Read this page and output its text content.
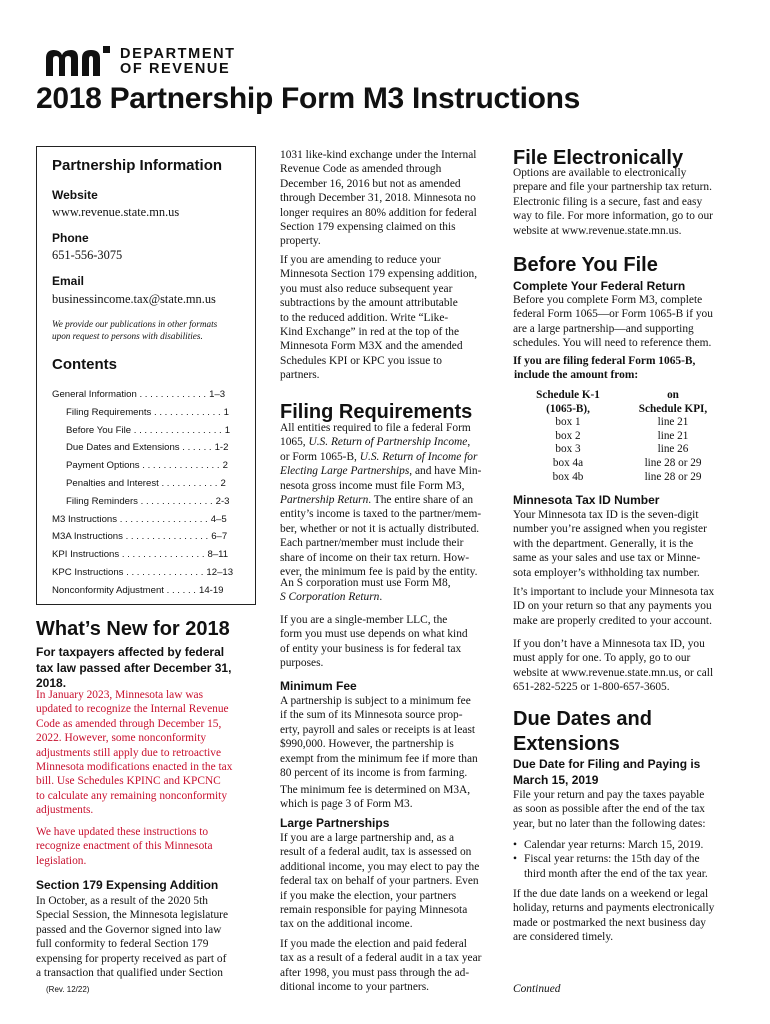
DEPARTMENT
OF REVENUE
2018 Partnership Form M3 Instructions
Partnership Information
Website
www.revenue.state.mn.us
Phone
651-556-3075
Email
businessincome.tax@state.mn.us
We provide our publications in other formats
upon request to persons with disabilities.
Contents
General Information . . . . . . . . . . . . . 1–3
Filing Requirements . . . . . . . . . . . . . 1
Before You File . . . . . . . . . . . . . . . . . 1
Due Dates and Extensions . . . . . . 1-2
Payment Options . . . . . . . . . . . . . . . 2
Penalties and Interest . . . . . . . . . . . 2
Filing Reminders . . . . . . . . . . . . . . 2-3
M3 Instructions . . . . . . . . . . . . . . . . . 4–5
M3A Instructions . . . . . . . . . . . . . . . . 6–7
KPI Instructions . . . . . . . . . . . . . . . . 8–11
KPC Instructions . . . . . . . . . . . . . . . 12–13
Nonconformity Adjustment . . . . . . 14-19
What’s New for 2018
For taxpayers affected by federal
tax law passed after December 31,
2018.
In January 2023, Minnesota law was
updated to recognize the Internal Revenue
Code as amended through December 15,
2022. However, some nonconformity
adjustments still apply due to retroactive
Minnesota modifications enacted in the tax
bill. Use Schedules KPINC and KPCNC
to calculate any remaining nonconformity
adjustments.
We have updated these instructions to
recognize enactment of this Minnesota
legislation.
Section 179 Expensing Addition
In October, as a result of the 2020 5th
Special Session, the Minnesota legislature
passed and the Governor signed into law
full conformity to federal Section 179
expensing for property received as part of
a transaction that qualified under Section
(Rev. 12/22)
1031 like-kind exchange under the Internal
Revenue Code as amended through
December 16, 2016 but not as amended
through December 31, 2018. Minnesota no
longer requires an 80% addition for federal
Section 179 expensing claimed on this
property.
If you are amending to reduce your
Minnesota Section 179 expensing addition,
you must also reduce subsequent year
subtractions by the amount attributable
to the reduced addition. Write “Like-
Kind Exchange” in red at the top of the
Minnesota Form M3X and the amended
Schedules KPI or KPC you issue to
partners.
Filing Requirements
All entities required to file a federal Form
1065, U.S. Return of Partnership Income,
or Form 1065-B, U.S. Return of Income for
Electing Large Partnerships, and have Min-
nesota gross income must file Form M3,
Partnership Return. The entire share of an
entity’s income is taxed to the partner/mem-
ber, whether or not it is actually distributed.
Each partner/member must include their
share of income on their tax return. How-
ever, the minimum fee is paid by the entity.
An S corporation must use Form M8,
S Corporation Return.
If you are a single-member LLC, the
form you must use depends on what kind
of entity your business is for federal tax
purposes.
Minimum Fee
A partnership is subject to a minimum fee
if the sum of its Minnesota source prop-
erty, payroll and sales or receipts is at least
$990,000. However, the partnership is
exempt from the minimum fee if more than
80 percent of its income is from farming.
The minimum fee is determined on M3A,
which is page 3 of Form M3.
Large Partnerships
If you are a large partnership and, as a
result of a federal audit, tax is assessed on
additional income, you may elect to pay the
federal tax on behalf of your partners. Even
if you make the election, your partners
remain responsible for paying Minnesota
tax on the additional income.
If you made the election and paid federal
tax as a result of a federal audit in a tax year
after 1998, you must pass through the ad-
ditional income to your partners.
File Electronically
Options are available to electronically
prepare and file your partnership tax return.
Electronic filing is a secure, fast and easy
way to file. For more information, go to our
website at www.revenue.state.mn.us.
Before You File
Complete Your Federal Return
Before you complete Form M3, complete
federal Form 1065—or Form 1065-B if you
are a large partnership—and supporting
schedules. You will need to reference them.
If you are filing federal Form 1065-B,
include the amount from:
Schedule K-1
(1065-B),
box 1
box 2
box 3
box 4a
box 4b
on
Schedule KPI,
line 21
line 21
line 26
line 28 or 29
line 28 or 29
Minnesota Tax ID Number
Your Minnesota tax ID is the seven-digit
number you’re assigned when you register
with the department. Generally, it is the
same as your sales and use tax or Minne-
sota employer’s withholding tax number.
It’s important to include your Minnesota tax
ID on your return so that any payments you
make are properly credited to your account.
If you don’t have a Minnesota tax ID, you
must apply for one. To apply, go to our
website at www.revenue.state.mn.us, or call
651-282-5225 or 1-800-657-3605.
Due Dates and
Extensions
Due Date for Filing and Paying is
March 15, 2019
File your return and pay the taxes payable
as soon as possible after the end of the tax
year, but no later than the following dates:
• Calendar year returns: March 15, 2019.
• Fiscal year returns: the 15th day of the
third month after the end of the tax year.
If the due date lands on a weekend or legal
holiday, returns and payments electronically
made or postmarked the next business day
are considered timely.
Continued
